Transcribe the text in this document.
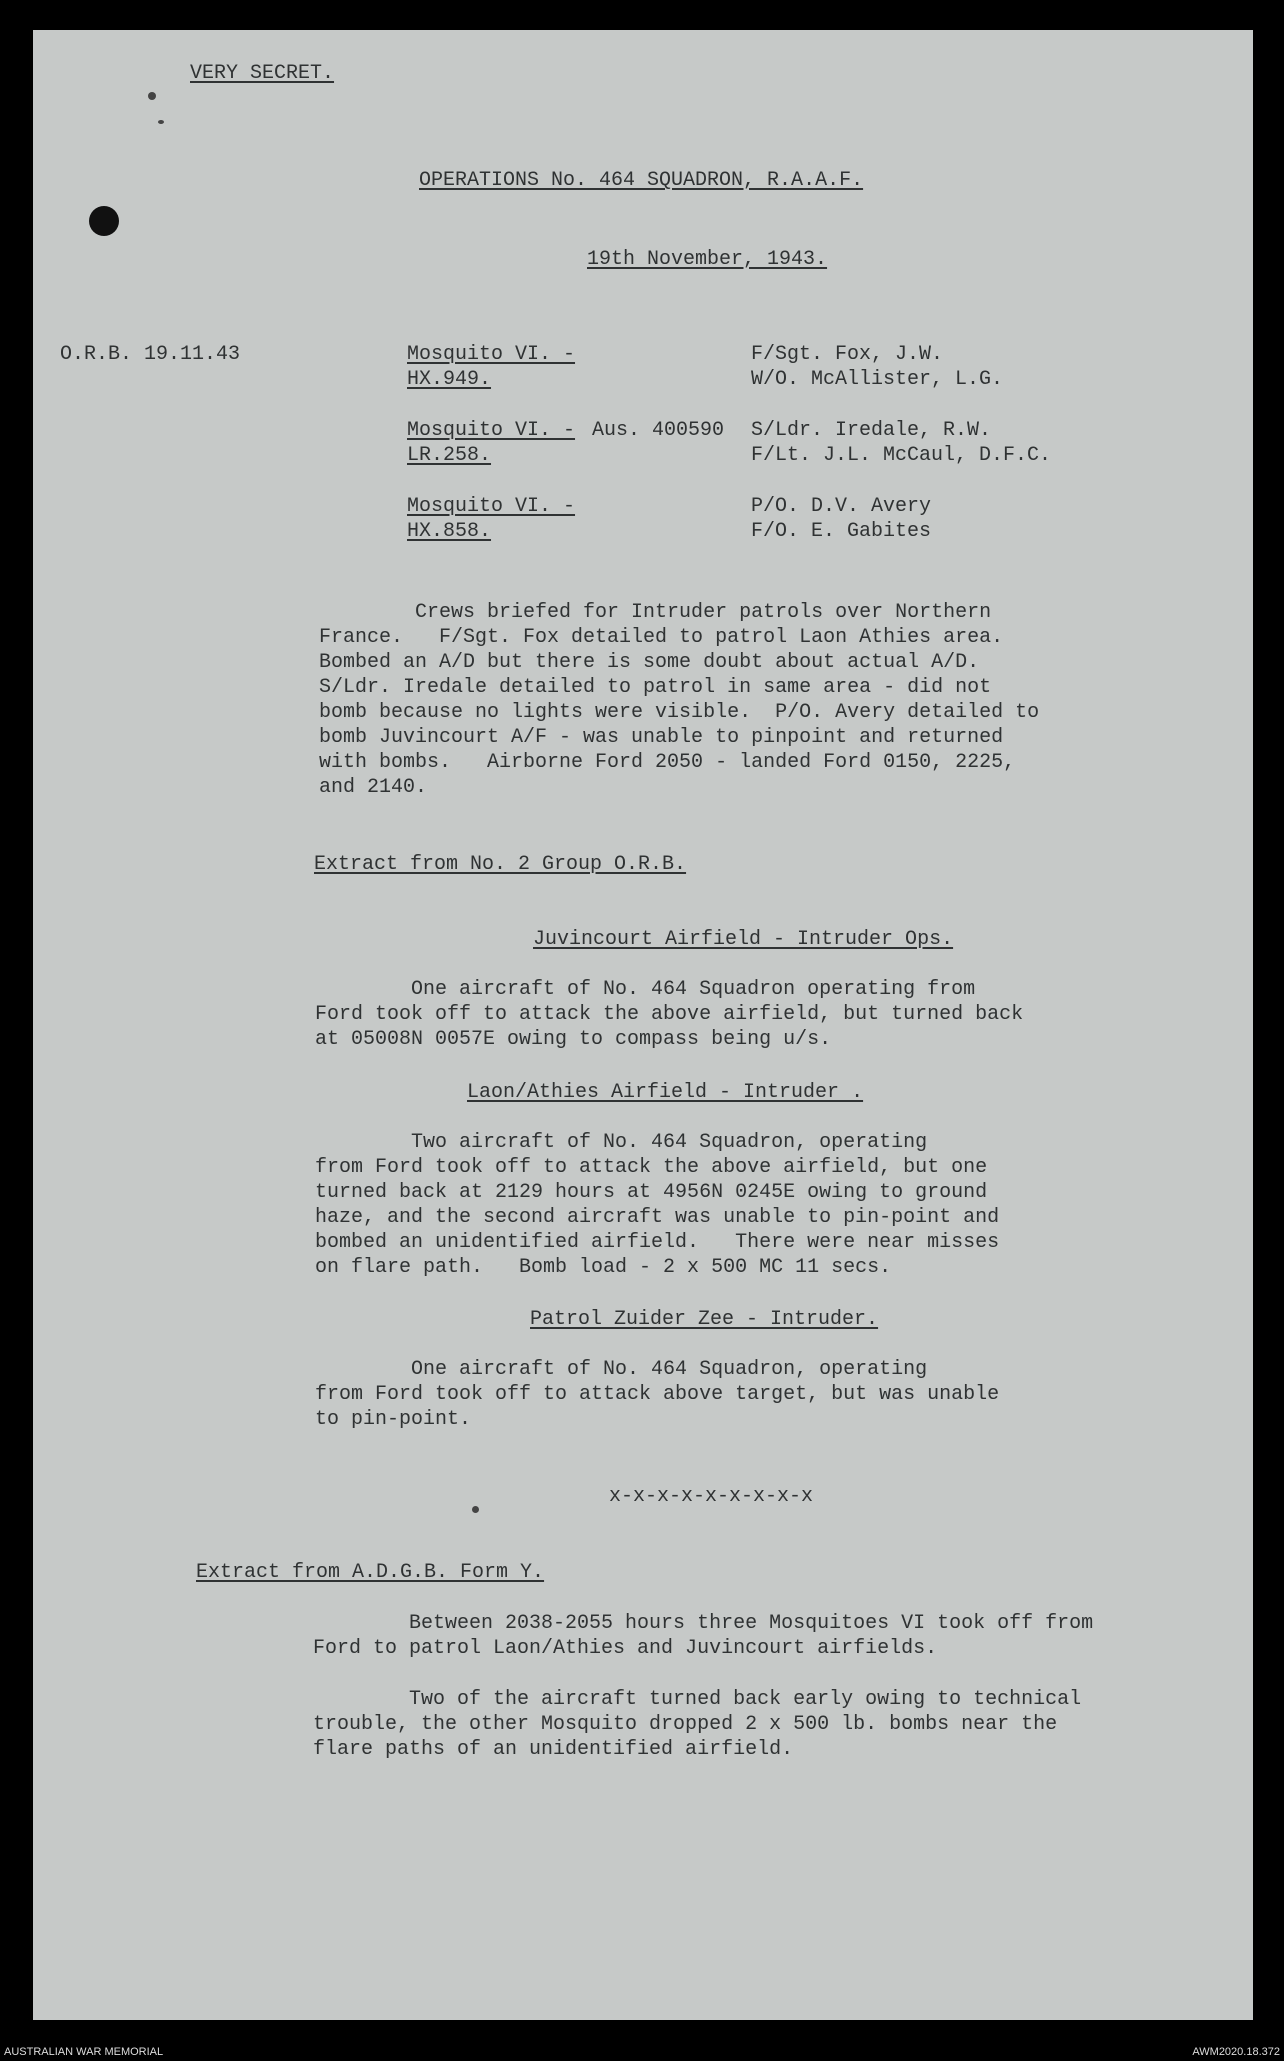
VERY SECRET.
OPERATIONS No. 464 SQUADRON, R.A.A.F.
19th November, 1943.
O.R.B. 19.11.43	Mosquito VI. -
HX.949.
F/Sgt. Fox, J.W.
W/O. McAllister, L.G.
Mosquito VI. - Aus. 400590
LR.258.
S/Ldr. Iredale, R.W.
F/Lt. J.L. McCaul, D.F.C.
Mosquito VI. -
HX.858.
P/O. D.V. Avery
F/O. E. Gabites
Crews briefed for Intruder patrols over Northern
France.   F/Sgt. Fox detailed to patrol Laon Athies area.
Bombed an A/D but there is some doubt about actual A/D.
S/Ldr. Iredale detailed to patrol in same area - did not
bomb because no lights were visible.  P/O. Avery detailed to
bomb Juvincourt A/F - was unable to pinpoint and returned
with bombs.   Airborne Ford 2050 - landed Ford 0150, 2225,
and 2140.
Extract from No. 2 Group O.R.B.
Juvincourt Airfield - Intruder Ops.
One aircraft of No. 464 Squadron operating from
Ford took off to attack the above airfield, but turned back
at 05008N 0057E owing to compass being u/s.
Laon/Athies Airfield - Intruder .
Two aircraft of No. 464 Squadron, operating
from Ford took off to attack the above airfield, but one
turned back at 2129 hours at 4956N 0245E owing to ground
haze, and the second aircraft was unable to pin-point and
bombed an unidentified airfield.   There were near misses
on flare path.   Bomb load - 2 x 500 MC 11 secs.
Patrol Zuider Zee - Intruder.
One aircraft of No. 464 Squadron, operating
from Ford took off to attack above target, but was unable
to pin-point.
x-x-x-x-x-x-x-x-x
Extract from A.D.G.B. Form Y.
Between 2038-2055 hours three Mosquitoes VI took off from
Ford to patrol Laon/Athies and Juvincourt airfields.
Two of the aircraft turned back early owing to technical
trouble, the other Mosquito dropped 2 x 500 lb. bombs near the
flare paths of an unidentified airfield.
AUSTRALIAN WAR MEMORIAL	AWM2020.18.372
